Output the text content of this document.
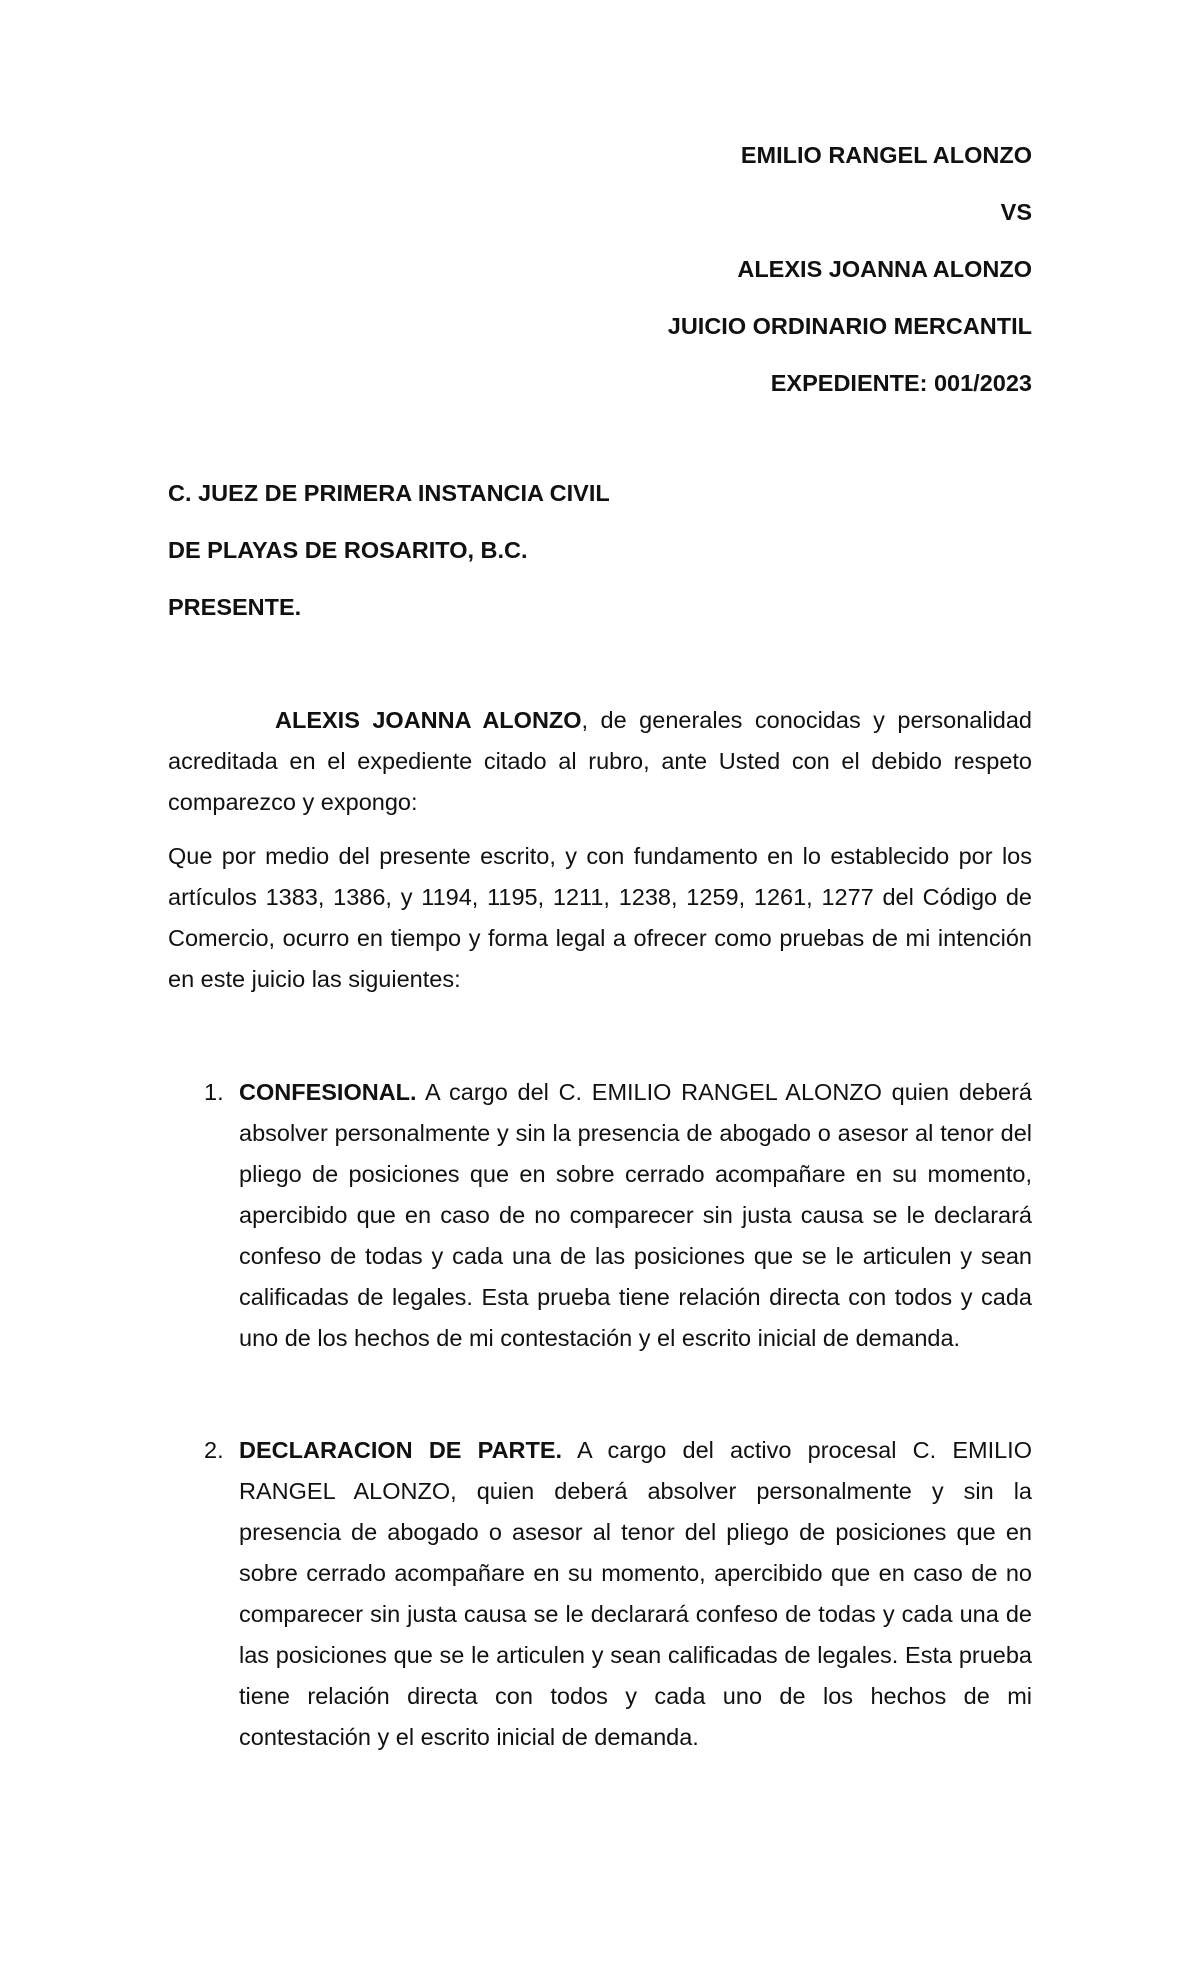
EMILIO RANGEL ALONZO
VS
ALEXIS JOANNA ALONZO
JUICIO ORDINARIO MERCANTIL
EXPEDIENTE: 001/2023
C. JUEZ DE PRIMERA INSTANCIA CIVIL
DE PLAYAS DE ROSARITO, B.C.
PRESENTE.

ALEXIS JOANNA ALONZO, de generales conocidas y personalidad acreditada en el expediente citado al rubro, ante Usted con el debido respeto comparezco y expongo:

Que por medio del presente escrito, y con fundamento en lo establecido por los artículos 1383, 1386, y 1194, 1195, 1211, 1238, 1259, 1261, 1277 del Código de Comercio, ocurro en tiempo y forma legal a ofrecer como pruebas de mi intención en este juicio las siguientes:

1. CONFESIONAL. A cargo del C. EMILIO RANGEL ALONZO quien deberá absolver personalmente y sin la presencia de abogado o asesor al tenor del pliego de posiciones que en sobre cerrado acompañare en su momento, apercibido que en caso de no comparecer sin justa causa se le declarará confeso de todas y cada una de las posiciones que se le articulen y sean calificadas de legales. Esta prueba tiene relación directa con todos y cada uno de los hechos de mi contestación y el escrito inicial de demanda.
2. DECLARACION DE PARTE. A cargo del activo procesal C. EMILIO RANGEL ALONZO, quien deberá absolver personalmente y sin la presencia de abogado o asesor al tenor del pliego de posiciones que en sobre cerrado acompañare en su momento, apercibido que en caso de no comparecer sin justa causa se le declarará confeso de todas y cada una de las posiciones que se le articulen y sean calificadas de legales. Esta prueba tiene relación directa con todos y cada uno de los hechos de mi contestación y el escrito inicial de demanda.
